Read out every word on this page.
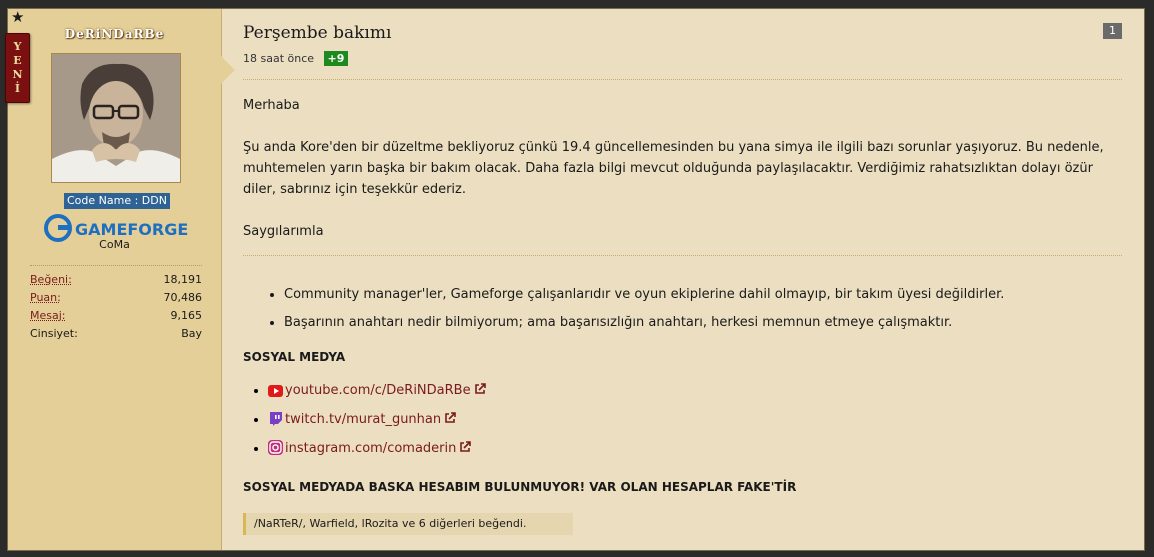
★
Y
E
N
İ
DeRiNDaRBe
Code Name : DDN
GAMEFORGE
CoMa
Beğeni:	18,191
Puan:	70,486
Mesaj:	9,165
Cinsiyet:	Bay
Perşembe bakımı
18 saat önce +9
1

Merhaba

Şu anda Kore'den bir düzeltme bekliyoruz çünkü 19.4 güncellemesinden bu yana simya ile ilgili bazı sorunlar yaşıyoruz. Bu nedenle, muhtemelen yarın başka bir bakım olacak. Daha fazla bilgi mevcut olduğunda paylaşılacaktır. Verdiğimiz rahatsızlıktan dolayı özür diler, sabrınız için teşekkür ederiz.

Saygılarımla

• Community manager'ler, Gameforge çalışanlarıdır ve oyun ekiplerine dahil olmayıp, bir takım üyesi değildirler.
• Başarının anahtarı nedir bilmiyorum; ama başarısızlığın anahtarı, herkesi memnun etmeye çalışmaktır.
SOSYAL MEDYA
• youtube.com/c/DeRiNDaRBe
• twitch.tv/murat_gunhan
• instagram.com/comaderin
SOSYAL MEDYADA BASKA HESABIM BULUNMUYOR! VAR OLAN HESAPLAR FAKE'TİR
/NaRTeR/, Warfield, lRozita ve 6 diğerleri beğendi.
